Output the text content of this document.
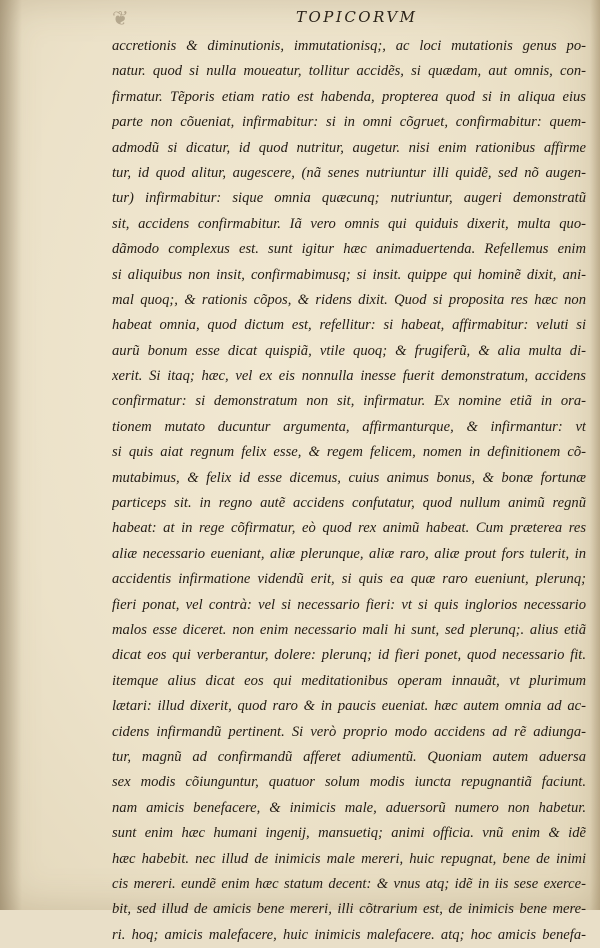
❦	TOPICORVM
accretionis & diminutionis, immutationisq;, ac loci mutationis genus po-
natur. quod si nulla moueatur, tollitur accidẽs, si quædam, aut omnis, con-
firmatur. Tẽporis etiam ratio est habenda, propterea quod si in aliqua eius
parte non cõueniat, infirmabitur: si in omni cõgruet, confirmabitur: quem-
admodũ si dicatur, id quod nutritur, augetur. nisi enim rationibus affirme
tur, id quod alitur, augescere, (nã senes nutriuntur illi quidẽ, sed nõ augen-
tur) infirmabitur: sique omnia quæcunq; nutriuntur, augeri demonstratũ
sit, accidens confirmabitur. Iã vero omnis qui quiduis dixerit, multa quo-
dãmodo complexus est. sunt igitur hæc animaduertenda. Refellemus enim
si aliquibus non insit, confirmabimusq; si insit. quippe qui hominẽ dixit, ani-
mal quoq;, & rationis cõpos, & ridens dixit. Quod si proposita res hæc non
habeat omnia, quod dictum est, refellitur: si habeat, affirmabitur: veluti si
aurũ bonum esse dicat quispiã, vtile quoq; & frugiferũ, & alia multa di-
xerit. Si itaq; hæc, vel ex eis nonnulla inesse fuerit demonstratum, accidens
confirmatur: si demonstratum non sit, infirmatur. Ex nomine etiã in ora-
tionem mutato ducuntur argumenta, affirmanturque, & infirmantur: vt
si quis aiat regnum felix esse, & regem felicem, nomen in definitionem cõ-
mutabimus, & felix id esse dicemus, cuius animus bonus, & bonæ fortunæ
particeps sit. in regno autẽ accidens confutatur, quod nullum animũ regnũ
habeat: at in rege cõfirmatur, eò quod rex animũ habeat. Cum præterea res
aliæ necessario eueniant, aliæ plerunque, aliæ raro, aliæ prout fors tulerit, in
accidentis infirmatione videndũ erit, si quis ea quæ raro eueniunt, plerunq;
fieri ponat, vel contrà: vel si necessario fieri: vt si quis inglorios necessario
malos esse diceret. non enim necessario mali hi sunt, sed plerunq;. alius etiã
dicat eos qui verberantur, dolere: plerunq; id fieri ponet, quod necessario fit.
itemque alius dicat eos qui meditationibus operam innauãt, vt plurimum
lætari: illud dixerit, quod raro & in paucis eueniat. hæc autem omnia ad ac-
cidens infirmandũ pertinent. Si verò proprio modo accidens ad rẽ adiunga-
tur, magnũ ad confirmandũ afferet adiumentũ. Quoniam autem aduersa
sex modis cõiunguntur, quatuor solum modis iuncta repugnantiã faciunt.
nam amicis benefacere, & inimicis male, aduersorũ numero non habetur.
sunt enim hæc humani ingenij, mansuetiq; animi officia. vnũ enim & idẽ
hæc habebit. nec illud de inimicis male mereri, huic repugnat, bene de inimi
cis mereri. eundẽ enim hæc statum decent: & vnus atq; idẽ in iis sese exerce-
bit, sed illud de amicis bene mereri, illi cõtrarium est, de inimicis bene mere-
ri. hoq; amicis malefacere, huic inimicis malefacere. atq; hoc amicis benefa-
